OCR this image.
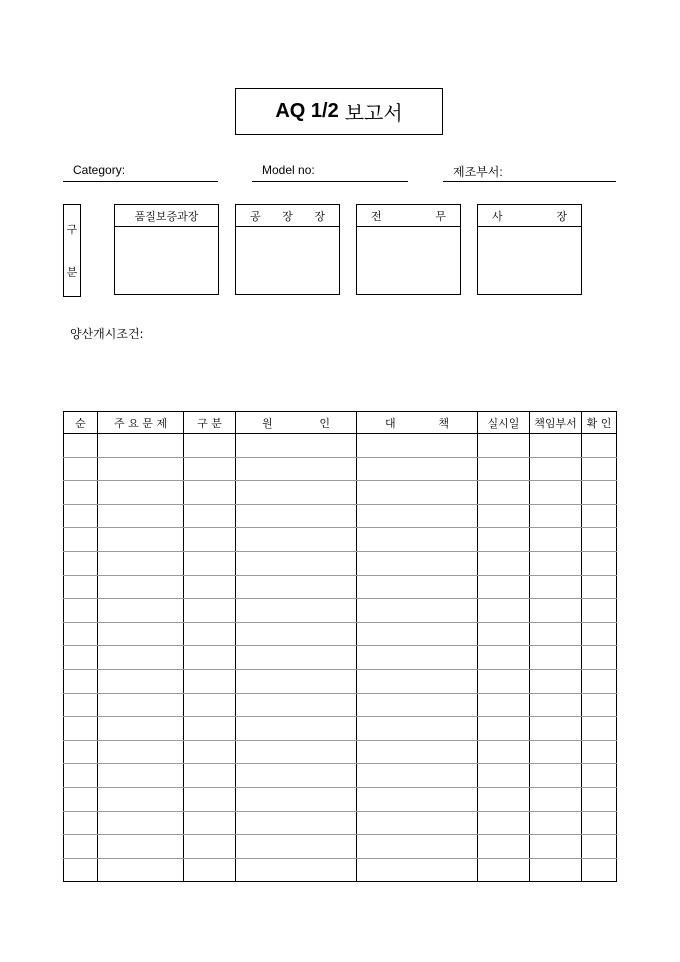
AQ 1/2 보고서
Category:	Model no:	제조부서:
구
분
품질보증과장	공 장 장	전	무	사	장
양산개시조건:
순	주 요 문 제	구 분	원 인	대 책	실시일	책임부서	확 인
